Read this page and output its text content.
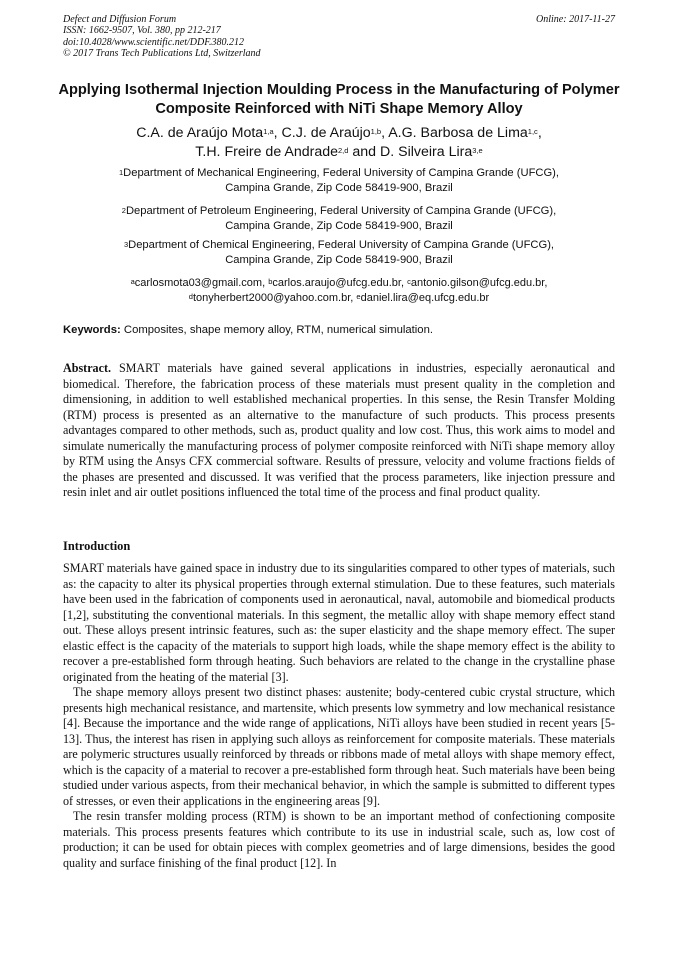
Defect and Diffusion Forum
ISSN: 1662-9507, Vol. 380, pp 212-217
doi:10.4028/www.scientific.net/DDF.380.212
© 2017 Trans Tech Publications Ltd, Switzerland
Online: 2017-11-27
Applying Isothermal Injection Moulding Process in the Manufacturing of Polymer Composite Reinforced with NiTi Shape Memory Alloy
C.A. de Araújo Mota$^{1,a}$, C.J. de Araújo$^{1,b}$, A.G. Barbosa de Lima$^{1,c}$,
T.H. Freire de Andrade$^{2,d}$ and D. Silveira Lira$^{3,e}$
$^1$Department of Mechanical Engineering, Federal University of Campina Grande (UFCG),
Campina Grande, Zip Code 58419-900, Brazil
$^2$Department of Petroleum Engineering, Federal University of Campina Grande (UFCG),
Campina Grande, Zip Code 58419-900, Brazil
$^3$Department of Chemical Engineering, Federal University of Campina Grande (UFCG),
Campina Grande, Zip Code 58419-900, Brazil
$^a$carlosmota03@gmail.com, $^b$carlos.araujo@ufcg.edu.br, $^c$antonio.gilson@ufcg.edu.br,
$^d$tonyherbert2000@yahoo.com.br, $^e$daniel.lira@eq.ufcg.edu.br
Keywords: Composites, shape memory alloy, RTM, numerical simulation.
Abstract. SMART materials have gained several applications in industries, especially aeronautical and biomedical. Therefore, the fabrication process of these materials must present quality in the completion and dimensioning, in addition to well established mechanical properties. In this sense, the Resin Transfer Molding (RTM) process is presented as an alternative to the manufacture of such products. This process presents advantages compared to other methods, such as, product quality and low cost. Thus, this work aims to model and simulate numerically the manufacturing process of polymer composite reinforced with NiTi shape memory alloy by RTM using the Ansys CFX commercial software. Results of pressure, velocity and volume fractions fields of the phases are presented and discussed. It was verified that the process parameters, like injection pressure and resin inlet and air outlet positions influenced the total time of the process and final product quality.
Introduction

SMART materials have gained space in industry due to its singularities compared to other types of materials, such as: the capacity to alter its physical properties through external stimulation. Due to these features, such materials have been used in the fabrication of components used in aeronautical, naval, automobile and biomedical products [1,2], substituting the conventional materials. In this segment, the metallic alloy with shape memory effect stand out. These alloys present intrinsic features, such as: the super elasticity and the shape memory effect. The super elastic effect is the capacity of the materials to support high loads, while the shape memory effect is the ability to recover a pre-established form through heating. Such behaviors are related to the change in the crystalline phase originated from the heating of the material [3].

The shape memory alloys present two distinct phases: austenite; body-centered cubic crystal structure, which presents high mechanical resistance, and martensite, which presents low symmetry and low mechanical resistance [4]. Because the importance and the wide range of applications, NiTi alloys have been studied in recent years [5-13]. Thus, the interest has risen in applying such alloys as reinforcement for composite materials. These materials are polymeric structures usually reinforced by threads or ribbons made of metal alloys with shape memory effect, which is the capacity of a material to recover a pre-established form through heat. Such materials have been being studied under various aspects, from their mechanical behavior, in which the sample is submitted to different types of stresses, or even their applications in the engineering areas [9].

The resin transfer molding process (RTM) is shown to be an important method of confectioning composite materials. This process presents features which contribute to its use in industrial scale, such as, low cost of production; it can be used for obtain pieces with complex geometries and of large dimensions, besides the good quality and surface finishing of the final product [12]. In
